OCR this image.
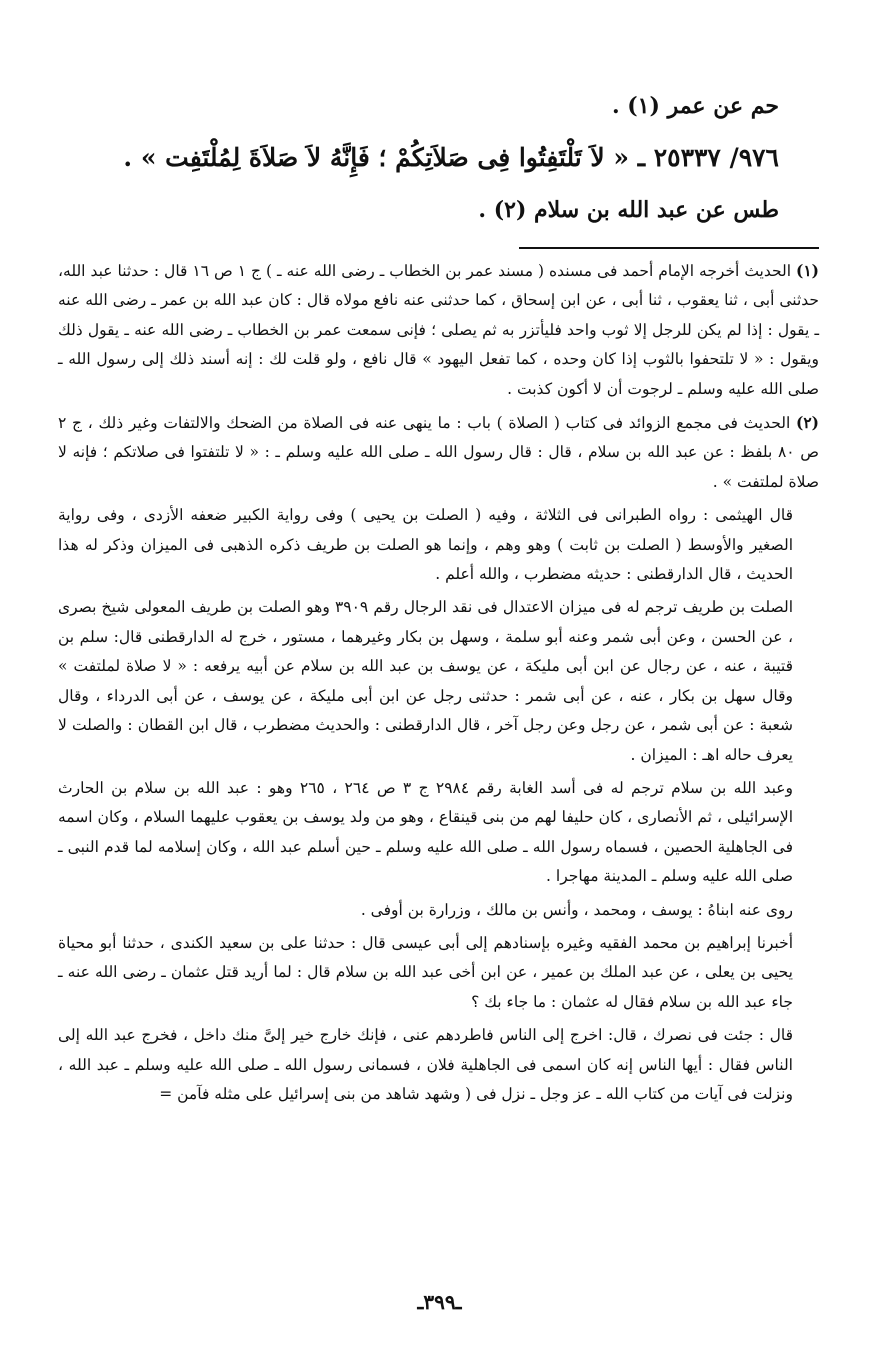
حم عن عمر (١) .
٩٧٦/ ٢٥٣٣٧ ـ « لاَ تَلْتَفِتُوا فِى صَلاَتِكُمْ ؛ فَإِنَّهُ لاَ صَلاَةَ لِمُلْتَفِت » .
طس عن عبد الله بن سلام (٢) .

(١) الحديث أخرجه الإمام أحمد فى مسنده ( مسند عمر بن الخطاب ـ رضى الله عنه ـ ) ج ١ ص ١٦ قال : حدثنا عبد الله، حدثنى أبى ، ثنا يعقوب ، ثنا أبى ، عن ابن إسحاق ، كما حدثنى عنه نافع مولاه قال : كان عبد الله بن عمر ـ رضى الله عنه ـ يقول : إذا لم يكن للرجل إلا ثوب واحد فليأتزر به ثم يصلى ؛ فإنى سمعت عمر بن الخطاب ـ رضى الله عنه ـ يقول ذلك ويقول : « لا تلتحفوا بالثوب إذا كان وحده ، كما تفعل اليهود » قال نافع ، ولو قلت لك : إنه أسند ذلك إلى رسول الله ـ صلى الله عليه وسلم ـ لرجوت أن لا أكون كذبت .

(٢) الحديث فى مجمع الزوائد فى كتاب ( الصلاة ) باب : ما ينهى عنه فى الصلاة من الضحك والالتفات وغير ذلك ، ج ٢ ص ٨٠ بلفظ : عن عبد الله بن سلام ، قال : قال رسول الله ـ صلى الله عليه وسلم ـ : « لا تلتفتوا فى صلاتكم ؛ فإنه لا صلاة لملتفت » .

قال الهيثمى : رواه الطبرانى فى الثلاثة ، وفيه ( الصلت بن يحيى ) وفى رواية الكبير ضعفه الأزدى ، وفى رواية الصغير والأوسط ( الصلت بن ثابت ) وهو وهم ، وإنما هو الصلت بن طريف ذكره الذهبى فى الميزان وذكر له هذا الحديث ، قال الدارقطنى : حديثه مضطرب ، والله أعلم .

الصلت بن طريف ترجم له فى ميزان الاعتدال فى نقد الرجال رقم ٣٩٠٩ وهو الصلت بن طريف المعولى شيخ بصرى ، عن الحسن ، وعن أبى شمر وعنه أبو سلمة ، وسهل بن بكار وغيرهما ، مستور ، خرج له الدارقطنى قال: سلم بن قتيبة ، عنه ، عن رجال عن ابن أبى مليكة ، عن يوسف بن عبد الله بن سلام عن أبيه يرفعه : « لا صلاة لملتفت » وقال سهل بن بكار ، عنه ، عن أبى شمر : حدثنى رجل عن ابن أبى مليكة ، عن يوسف ، عن أبى الدرداء ، وقال شعبة : عن أبى شمر ، عن رجل وعن رجل آخر ، قال الدارقطنى : والحديث مضطرب ، قال ابن القطان : والصلت لا يعرف حاله اهـ : الميزان .

وعبد الله بن سلام ترجم له فى أسد الغابة رقم ٢٩٨٤ ج ٣ ص ٢٦٤ ، ٢٦٥ وهو : عبد الله بن سلام بن الحارث الإسرائيلى ، ثم الأنصارى ، كان حليفا لهم من بنى قينقاع ، وهو من ولد يوسف بن يعقوب عليهما السلام ، وكان اسمه فى الجاهلية الحصين ، فسماه رسول الله ـ صلى الله عليه وسلم ـ حين أسلم عبد الله ، وكان إسلامه لما قدم النبى ـ صلى الله عليه وسلم ـ المدينة مهاجرا .

روى عنه ابناهُ : يوسف ، ومحمد ، وأنس بن مالك ، وزرارة بن أوفى .

أخبرنا إبراهيم بن محمد الفقيه وغيره بإسنادهم إلى أبى عيسى قال : حدثنا على بن سعيد الكندى ، حدثنا أبو محياة يحيى بن يعلى ، عن عبد الملك بن عمير ، عن ابن أخى عبد الله بن سلام قال : لما أريد قتل عثمان ـ رضى الله عنه ـ جاء عبد الله بن سلام فقال له عثمان : ما جاء بك ؟

قال : جئت فى نصرك ، قال: اخرج إلى الناس فاطردهم عنى ، فإنك خارج خير إلىَّ منك داخل ، فخرج عبد الله إلى الناس فقال : أيها الناس إنه كان اسمى فى الجاهلية فلان ، فسمانى رسول الله ـ صلى الله عليه وسلم ـ عبد الله ، ونزلت فى آيات من كتاب الله ـ عز وجل ـ نزل فى ( وشهد شاهد من بنى إسرائيل على مثله فآمن =

ـ٣٩٩ـ
